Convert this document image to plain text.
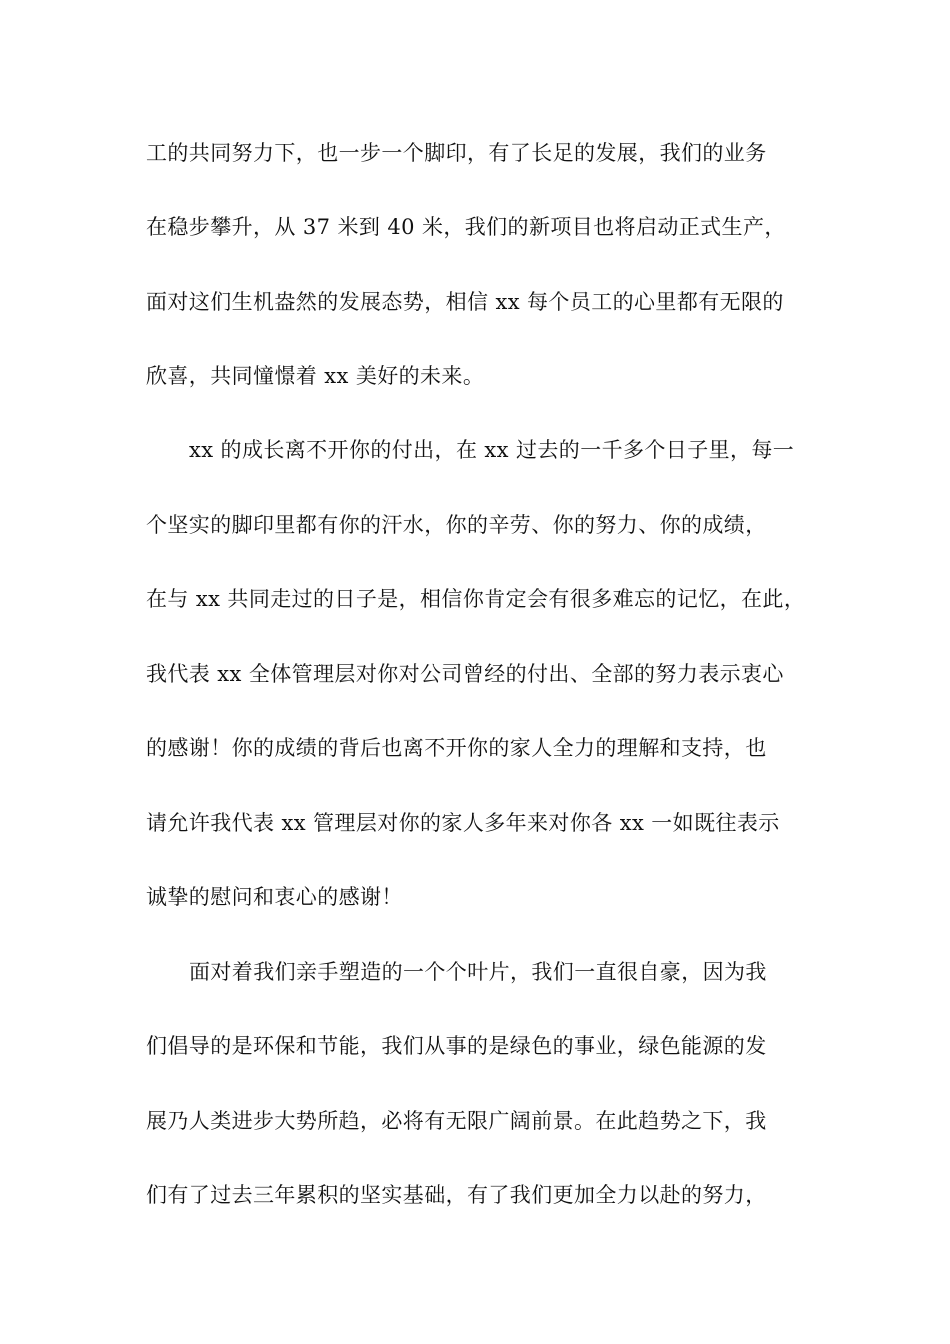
工的共同努力下，也一步一个脚印，有了长足的发展，我们的业务
在稳步攀升，从 37 米到 40 米，我们的新项目也将启动正式生产，
面对这们生机盎然的发展态势，相信 xx 每个员工的心里都有无限的
欣喜，共同憧憬着 xx 美好的未来。
xx 的成长离不开你的付出，在 xx 过去的一千多个日子里，每一
个坚实的脚印里都有你的汗水，你的辛劳、你的努力、你的成绩，
在与 xx 共同走过的日子是，相信你肯定会有很多难忘的记忆，在此，
我代表 xx 全体管理层对你对公司曾经的付出、全部的努力表示衷心
的感谢！你的成绩的背后也离不开你的家人全力的理解和支持，也
请允许我代表 xx 管理层对你的家人多年来对你各 xx 一如既往表示
诚挚的慰问和衷心的感谢！
面对着我们亲手塑造的一个个叶片，我们一直很自豪，因为我
们倡导的是环保和节能，我们从事的是绿色的事业，绿色能源的发
展乃人类进步大势所趋，必将有无限广阔前景。在此趋势之下，我
们有了过去三年累积的坚实基础，有了我们更加全力以赴的努力，
